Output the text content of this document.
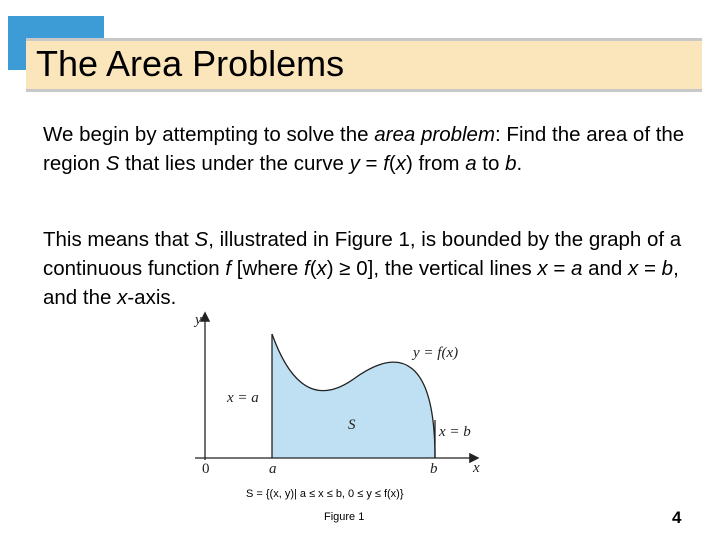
The Area Problems
We begin by attempting to solve the area problem: Find the area of the region S that lies under the curve y = f(x) from a to b.
This means that S, illustrated in Figure 1, is bounded by the graph of a continuous function f [where f(x) ≥ 0], the vertical lines x = a and x = b, and the x-axis.
y
x
0	a	b
y = f(x)
x = a
x = b
S
S = {(x, y)| a ≤ x ≤ b, 0 ≤ y ≤ f(x)}
Figure 1	4
